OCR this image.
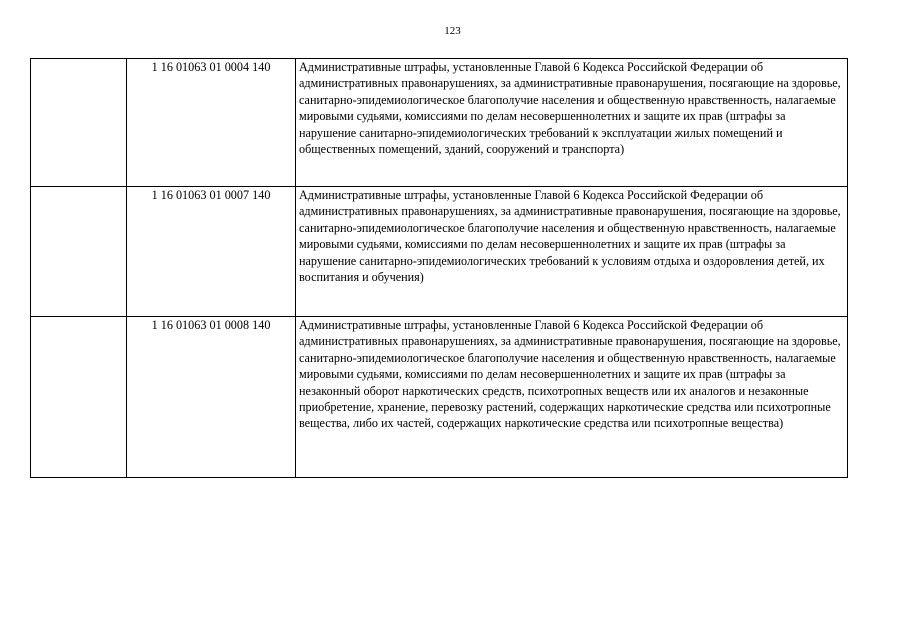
123
	1 16 01063 01 0004 140	Административные штрафы, установленные Главой 6 Кодекса Российской Федерации об административных правонарушениях, за административные правонарушения, посягающие на здоровье, санитарно-эпидемиологическое благополучие населения и общественную нравственность, налагаемые мировыми судьями, комиссиями по делам несовершеннолетних и защите их прав (штрафы за нарушение санитарно-эпидемиологических требований к эксплуатации жилых помещений и общественных помещений, зданий, сооружений и транспорта)
	1 16 01063 01 0007 140	Административные штрафы, установленные Главой 6 Кодекса Российской Федерации об административных правонарушениях, за административные правонарушения, посягающие на здоровье, санитарно-эпидемиологическое благополучие населения и общественную нравственность, налагаемые мировыми судьями, комиссиями по делам несовершеннолетних и защите их прав (штрафы за нарушение санитарно-эпидемиологических требований к условиям отдыха и оздоровления детей, их воспитания и обучения)
	1 16 01063 01 0008 140	Административные штрафы, установленные Главой 6 Кодекса Российской Федерации об административных правонарушениях, за административные правонарушения, посягающие на здоровье, санитарно-эпидемиологическое благополучие населения и общественную нравственность, налагаемые мировыми судьями, комиссиями по делам несовершеннолетних и защите их прав (штрафы за незаконный оборот наркотических средств, психотропных веществ или их аналогов и незаконные приобретение, хранение, перевозку растений, содержащих наркотические средства или психотропные вещества, либо их частей, содержащих наркотические средства или психотропные вещества)
